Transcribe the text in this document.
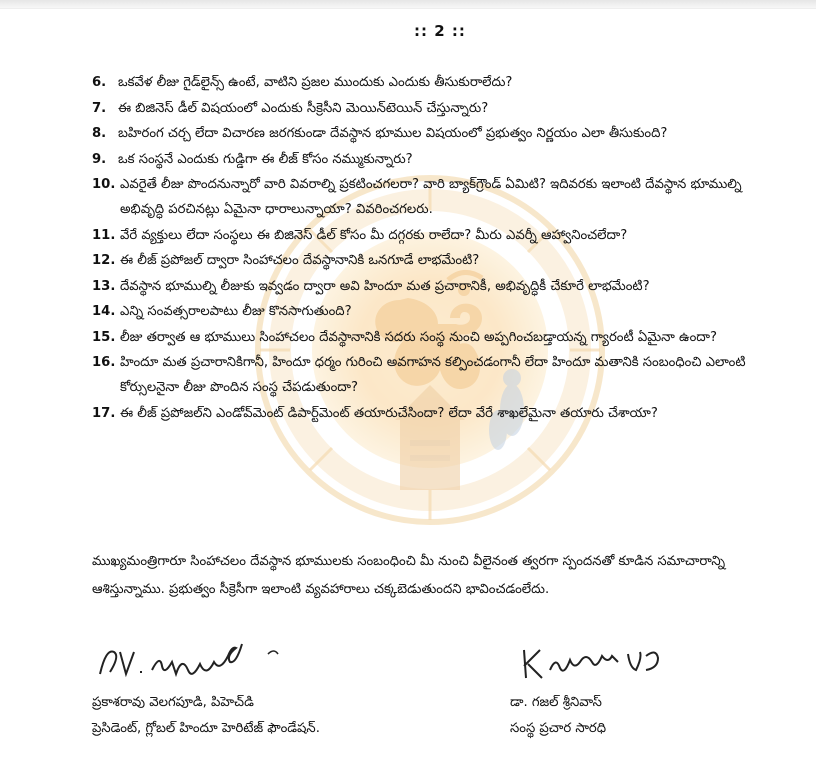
:: 2 ::
6. ఒకవేళ లీజు గైడ్‌లైన్స్ ఉంటే, వాటిని ప్రజల ముందుకు ఎందుకు తీసుకురాలేదు?
7. ఈ బిజినెస్ డీల్ విషయంలో ఎందుకు సీక్రెసీని మెయిన్‌టెయిన్ చేస్తున్నారు?
8. బహిరంగ చర్చ లేదా విచారణ జరగకుండా దేవస్థాన భూముల విషయంలో ప్రభుత్వం నిర్ణయం ఎలా తీసుకుంది?
9. ఒక సంస్థనే ఎందుకు గుడ్డిగా ఈ లీజ్ కోసం నమ్ముకున్నారు?
10. ఎవరైతే లీజు పొందనున్నారో వారి వివరాల్ని ప్రకటించగలరా? వారి బ్యాక్‌గ్రౌండ్ ఏమిటి? ఇదివరకు ఇలాంటి దేవస్థాన భూముల్ని అభివృద్ధి పరచినట్లు ఏమైనా ధారాలున్నాయా? వివరించగలరు.
11. వేరే వ్యక్తులు లేదా సంస్థలు ఈ బిజినెస్ డీల్ కోసం మీ దగ్గరకు రాలేదా? మీరు ఎవర్నీ ఆహ్వానించలేదా?
12. ఈ లీజ్ ప్రపోజల్ ద్వారా సింహాచలం దేవస్థానానికి ఒనగూడే లాభమేంటి?
13. దేవస్థాన భూముల్ని లీజుకు ఇవ్వడం ద్వారా అవి హిందూ మత ప్రచారానికీ, అభివృద్ధికీ చేకూరే లాభమేంటి?
14. ఎన్ని సంవత్సరాలపాటు లీజు కొనసాగుతుంది?
15. లీజు తర్వాత ఆ భూములు సింహాచలం దేవస్థానానికి సదరు సంస్థ నుంచి అప్పగించబడ్తాయన్న గ్యారంటీ ఏమైనా ఉందా?
16. హిందూ మత ప్రచారానికిగానీ, హిందూ ధర్మం గురించి అవగాహన కల్పించడంగానీ లేదా హిందూ మతానికి సంబంధించి ఎలాంటి కోర్సులనైనా లీజు పొందిన సంస్థ చేపడుతుందా?
17. ఈ లీజ్ ప్రపోజల్‌ని ఎండోవ్‌మెంట్ డిపార్ట్‌మెంట్ తయారుచేసిందా? లేదా వేరే శాఖలేమైనా తయారు చేశాయా?

ముఖ్యమంత్రిగారూ సింహాచలం దేవస్థాన భూములకు సంబంధించి మీ నుంచి వీలైనంత త్వరగా స్పందనతో కూడిన సమాచారాన్ని ఆశిస్తున్నాము. ప్రభుత్వం సీక్రెసీగా ఇలాంటి వ్యవహారాలు చక్కబెడుతుందని భావించడంలేదు.

ప్రకాశరావు వెలగపూడి, పిహెచ్‌డి
ప్రెసిడెంట్, గ్లోబల్ హిందూ హెరిటేజ్ ఫౌండేషన్.
డా. గజల్ శ్రీనివాస్
సంస్థ ప్రచార సారధి
